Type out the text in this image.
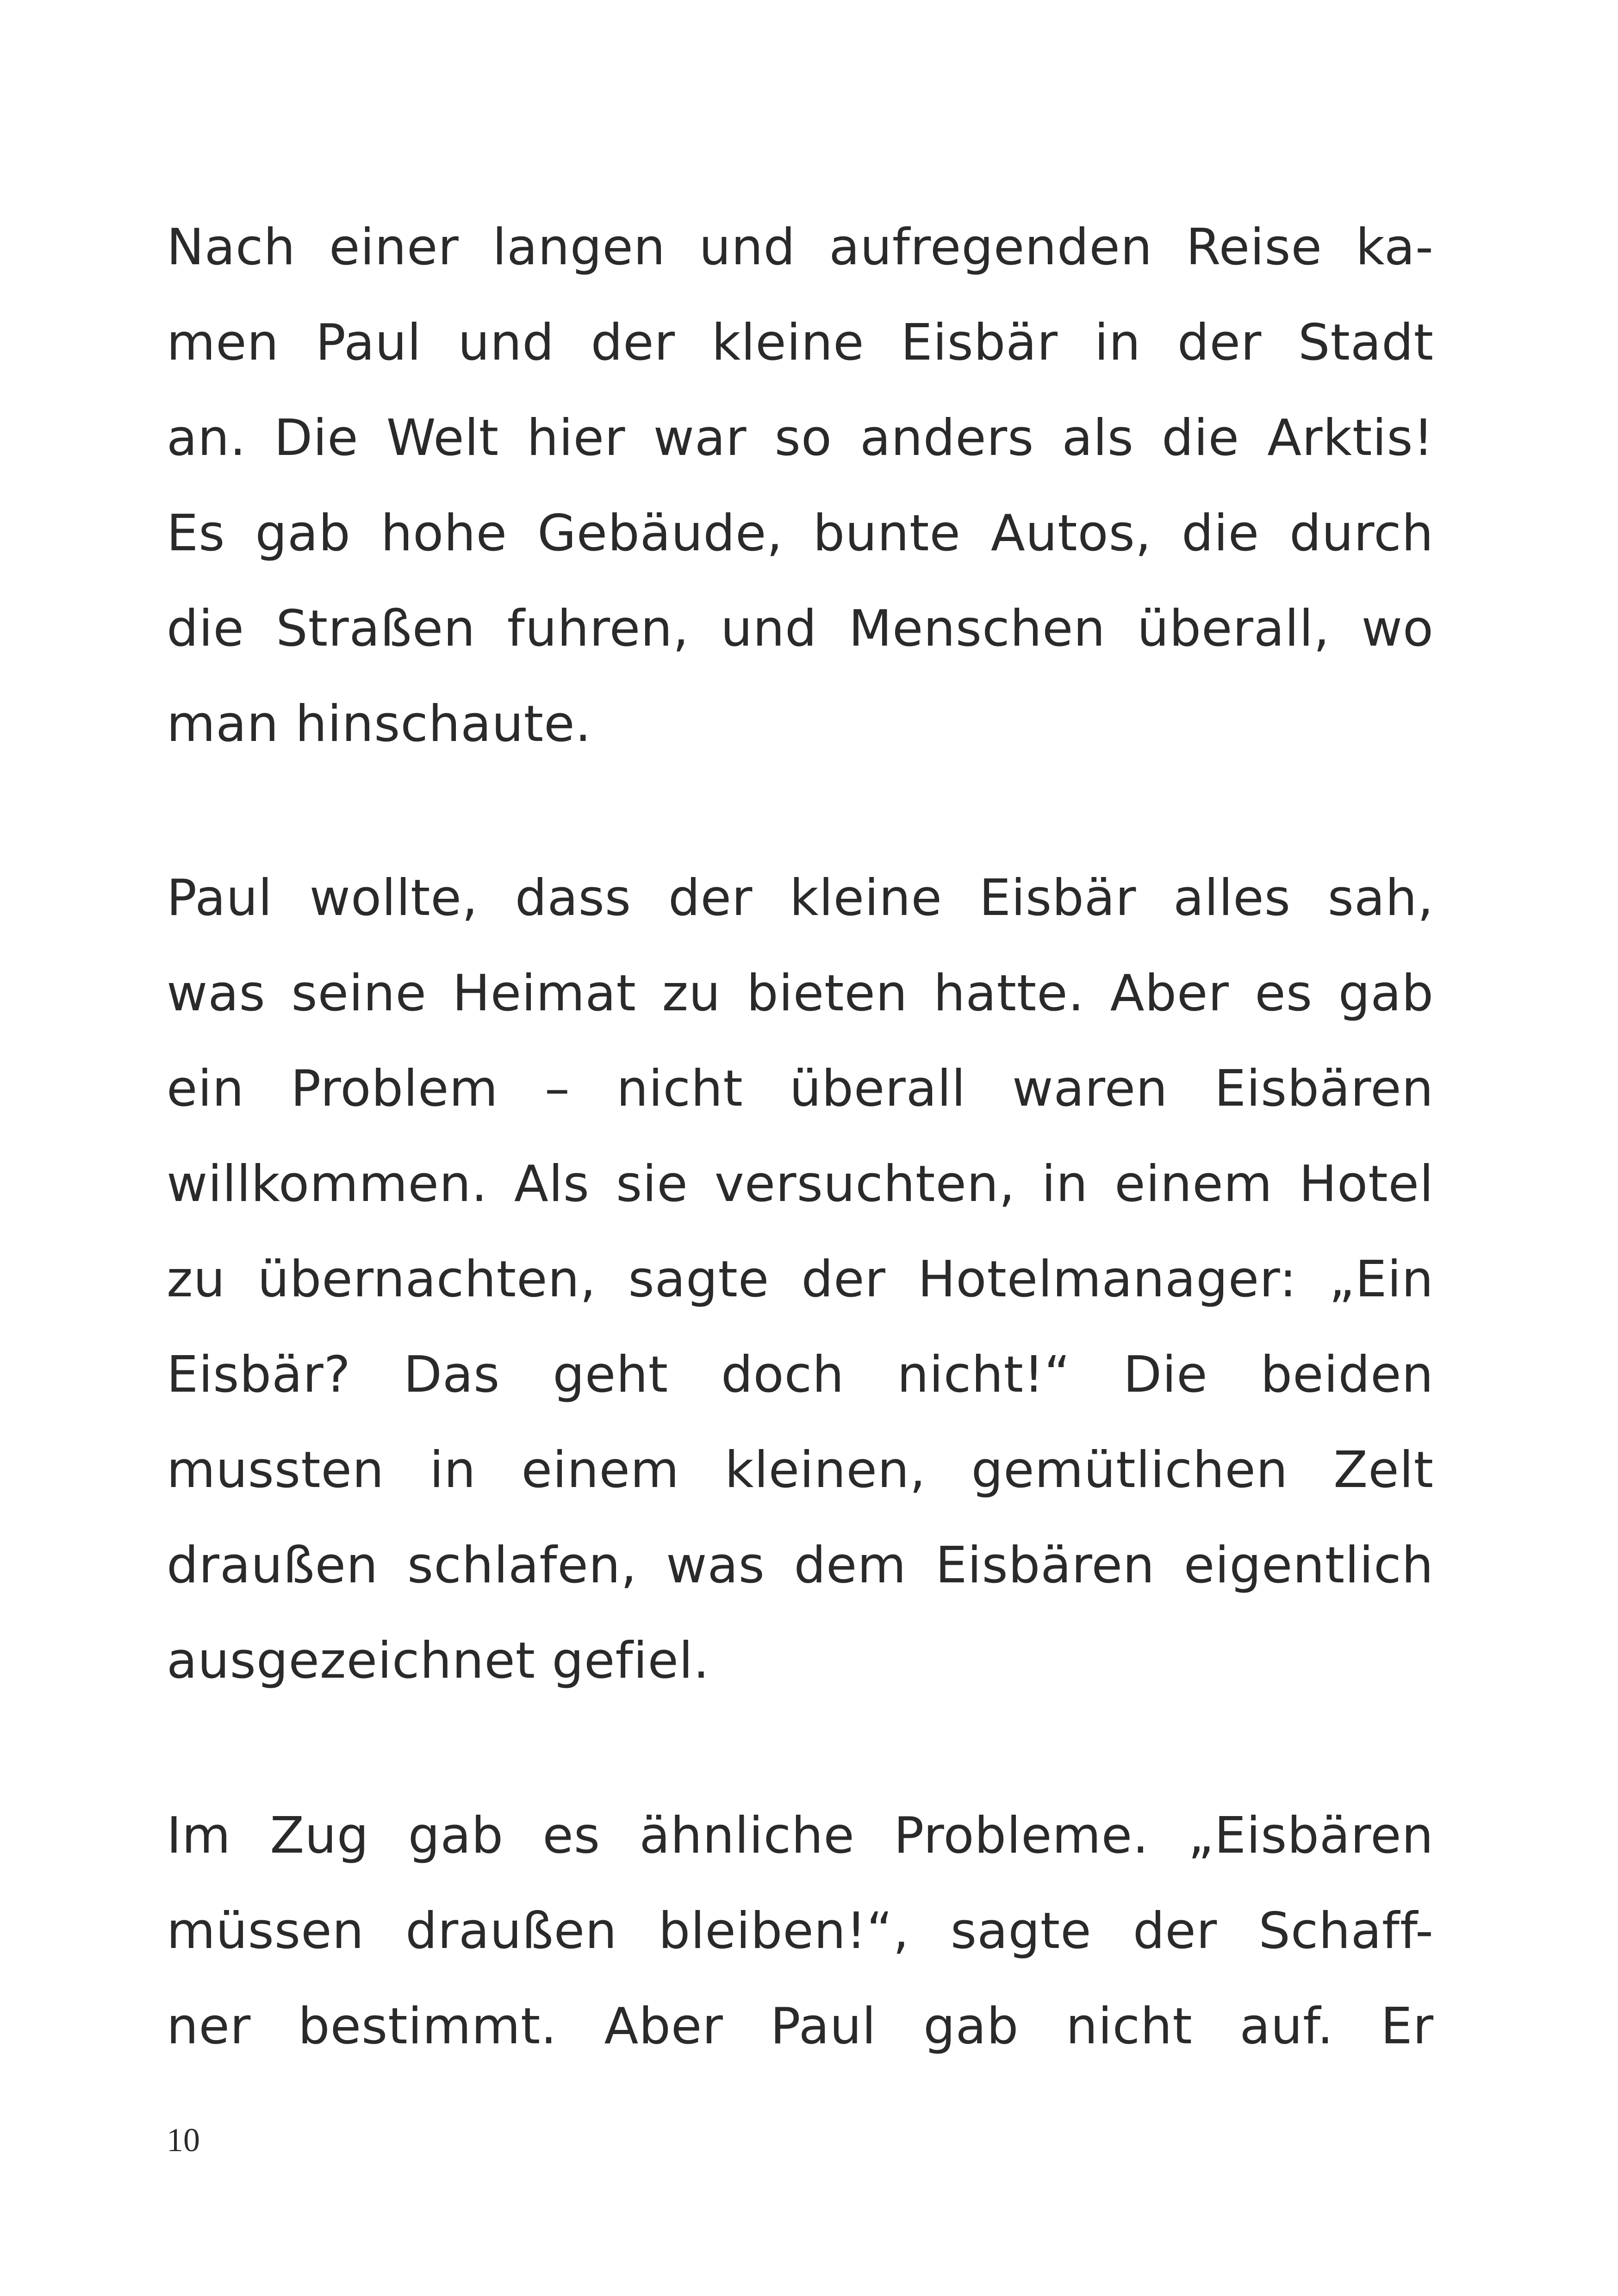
Nach einer langen und aufregenden Reise ka-
men Paul und der kleine Eisbär in der Stadt
an. Die Welt hier war so anders als die Arktis!
Es gab hohe Gebäude, bunte Autos, die durch
die Straßen fuhren, und Menschen überall, wo
man hinschaute.
Paul wollte, dass der kleine Eisbär alles sah,
was seine Heimat zu bieten hatte. Aber es gab
ein Problem – nicht überall waren Eisbären
willkommen. Als sie versuchten, in einem Hotel
zu übernachten, sagte der Hotelmanager: „Ein
Eisbär? Das geht doch nicht!“ Die beiden
mussten in einem kleinen, gemütlichen Zelt
draußen schlafen, was dem Eisbären eigentlich
ausgezeichnet gefiel.
Im Zug gab es ähnliche Probleme. „Eisbären
müssen draußen bleiben!“, sagte der Schaff-
ner bestimmt. Aber Paul gab nicht auf. Er
10
